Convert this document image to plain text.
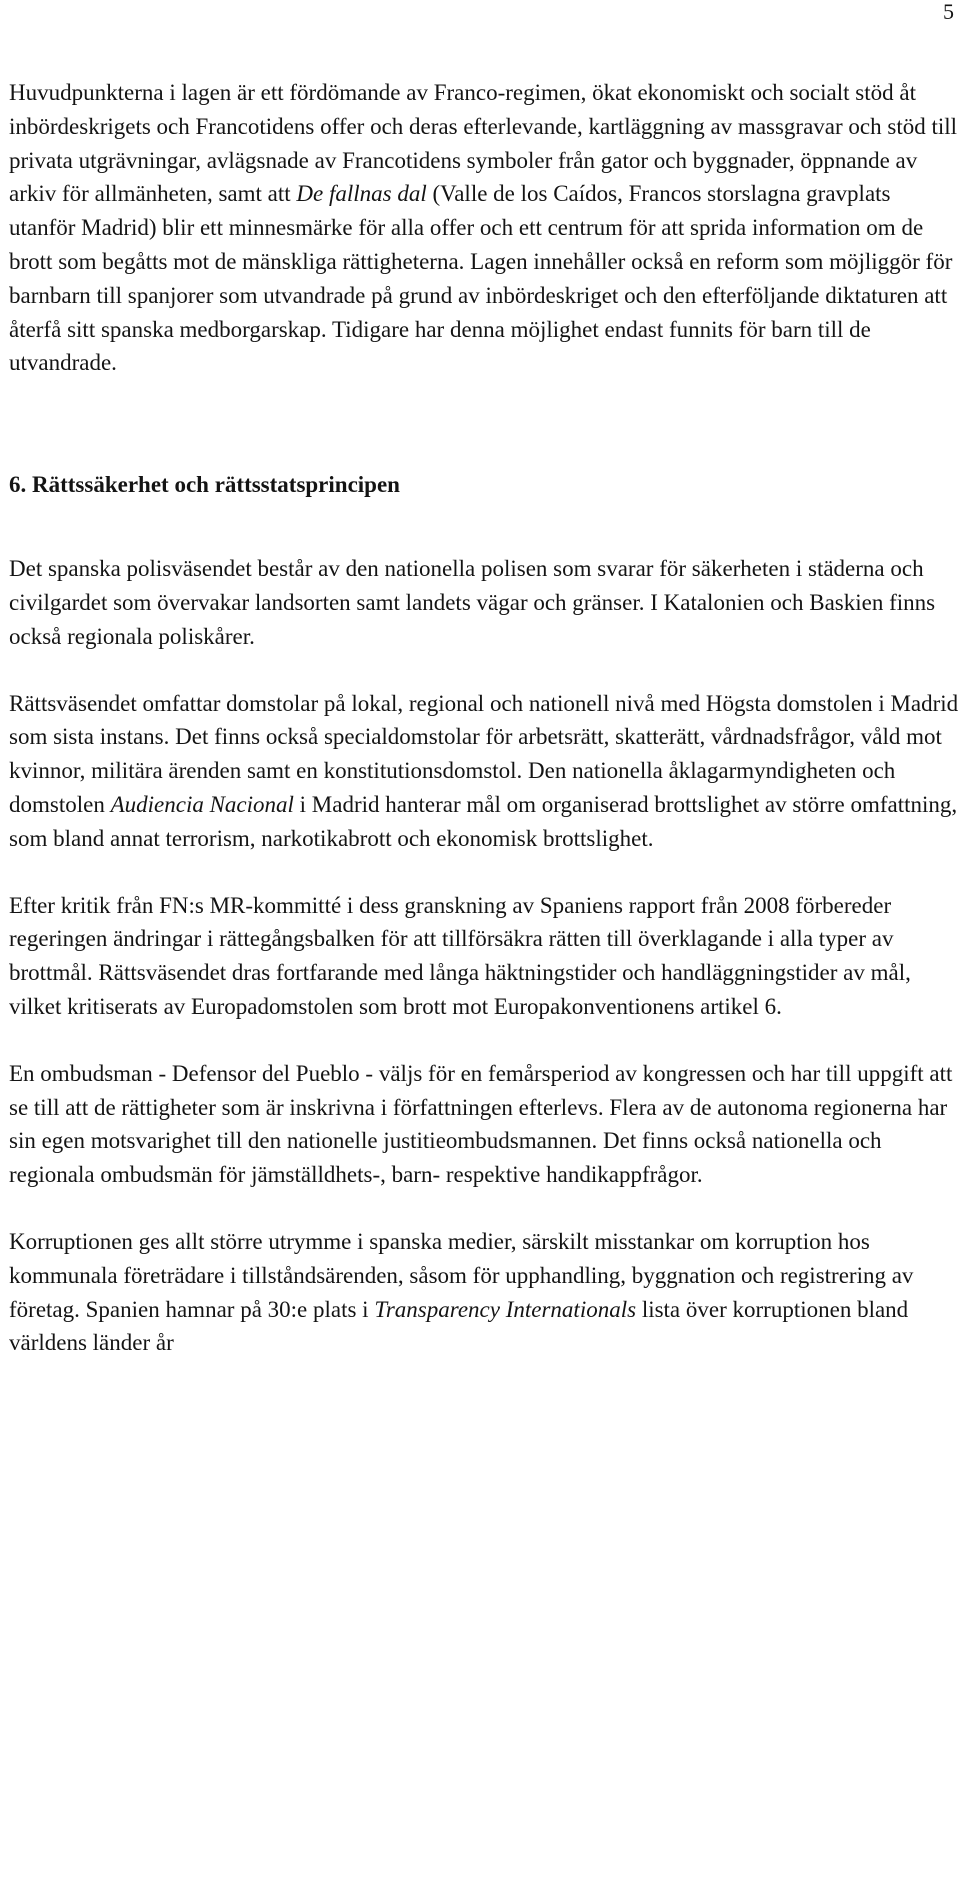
5

Huvudpunkterna i lagen är ett fördömande av Franco-regimen, ökat ekonomiskt och socialt stöd åt inbördeskrigets och Francotidens offer och deras efterlevande, kartläggning av massgravar och stöd till privata utgrävningar, avlägsnade av Francotidens symboler från gator och byggnader, öppnande av arkiv för allmänheten, samt att De fallnas dal (Valle de los Caídos, Francos storslagna gravplats utanför Madrid) blir ett minnesmärke för alla offer och ett centrum för att sprida information om de brott som begåtts mot de mänskliga rättigheterna. Lagen innehåller också en reform som möjliggör för barnbarn till spanjorer som utvandrade på grund av inbördeskriget och den efterföljande diktaturen att återfå sitt spanska medborgarskap. Tidigare har denna möjlighet endast funnits för barn till de utvandrade.

6. Rättssäkerhet och rättsstatsprincipen

Det spanska polisväsendet består av den nationella polisen som svarar för säkerheten i städerna och civilgardet som övervakar landsorten samt landets vägar och gränser. I Katalonien och Baskien finns också regionala poliskårer.

Rättsväsendet omfattar domstolar på lokal, regional och nationell nivå med Högsta domstolen i Madrid som sista instans. Det finns också specialdomstolar för arbetsrätt, skatterätt, vårdnadsfrågor, våld mot kvinnor, militära ärenden samt en konstitutionsdomstol. Den nationella åklagarmyndigheten och domstolen Audiencia Nacional i Madrid hanterar mål om organiserad brottslighet av större omfattning, som bland annat terrorism, narkotikabrott och ekonomisk brottslighet.

Efter kritik från FN:s MR-kommitté i dess granskning av Spaniens rapport från 2008 förbereder regeringen ändringar i rättegångsbalken för att tillförsäkra rätten till överklagande i alla typer av brottmål. Rättsväsendet dras fortfarande med långa häktningstider och handläggningstider av mål, vilket kritiserats av Europadomstolen som brott mot Europakonventionens artikel 6.

En ombudsman - Defensor del Pueblo - väljs för en femårsperiod av kongressen och har till uppgift att se till att de rättigheter som är inskrivna i författningen efterlevs. Flera av de autonoma regionerna har sin egen motsvarighet till den nationelle justitieombudsmannen. Det finns också nationella och regionala ombudsmän för jämställdhets-, barn- respektive handikappfrågor.

Korruptionen ges allt större utrymme i spanska medier, särskilt misstankar om korruption hos kommunala företrädare i tillståndsärenden, såsom för upphandling, byggnation och registrering av företag. Spanien hamnar på 30:e plats i Transparency Internationals lista över korruptionen bland världens länder år
